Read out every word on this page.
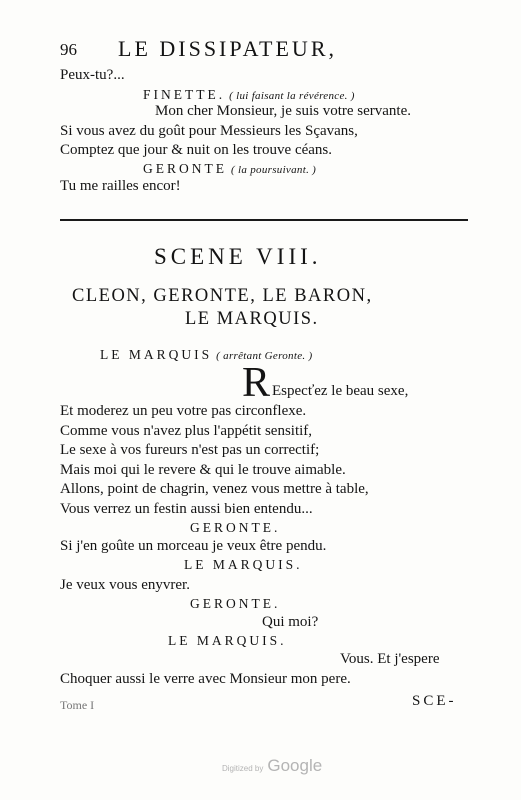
96 LE DISSIPATEUR,
Peux-tu?...
FINETTE. ( lui faisant la révérence. )
Mon cher Monsieur, je suis votre servante.
Si vous avez du goût pour Messieurs les Sçavans,
Comptez que jour & nuit on les trouve céans.
GERONTE ( la poursuivant. )
Tu me railles encor!
SCENE VIII.
CLEON, GERONTE, LE BARON,
LE MARQUIS.
LE MARQUIS ( arrêtant Geronte. )
R Especťez le beau sexe,
Et moderez un peu votre pas circonflexe.
Comme vous n'avez plus l'appétit sensitif,
Le sexe à vos fureurs n'est pas un correctif;
Mais moi qui le revere & qui le trouve aimable.
Allons, point de chagrin, venez vous mettre à table,
Vous verrez un festin aussi bien entendu...
GERONTE.
Si j'en goûte un morceau je veux être pendu.
LE MARQUIS.
Je veux vous enyvrer.
GERONTE.
Qui moi?
LE MARQUIS.
Vous. Et j'espere
Choquer aussi le verre avec Monsieur mon pere.
Tome I	SCE-
Digitized by Google
